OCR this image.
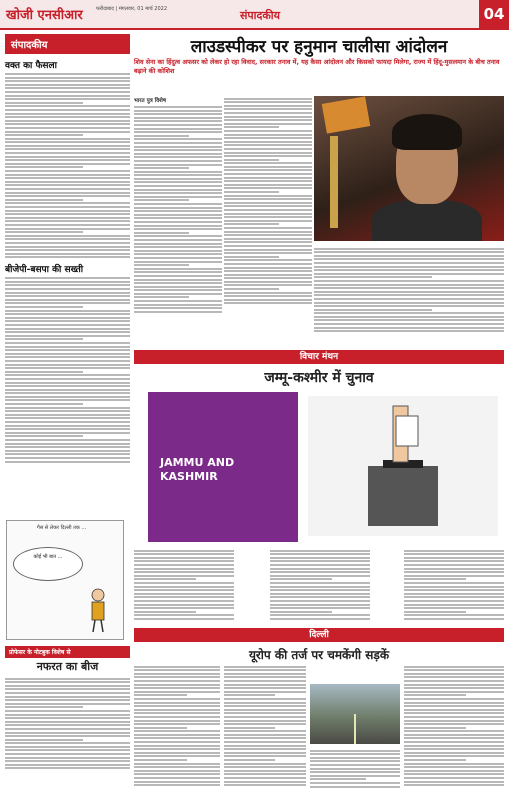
खोजी एनसीआर	फरीदाबाद | मंगलवार, 01 मार्च 2022	संपादकीय	04
संपादकीय
वक्त का फैसला
बीजेपी-बसपा की सख्ती
गैस से लेकर दिल्ली तक ...
कोई भी बात ...
प्रोफेसर के नोटबुक विशेष से
नफरत का बीज
लाउडस्पीकर पर हनुमान चालीसा आंदोलन
शिव सेना का हिंदुत्व अफसर को लेकर हो रहा विवाद, सरकार तनाव में, यह कैसा आंदोलन और किसको फायदा मिलेगा, राज्य में हिंदू-मुसलमान के बीच तनाव बढ़ाने की कोशिश
भारत पुत्र विशेष
विचार मंथन
जम्मू-कश्मीर में चुनाव
JAMMU AND
KASHMIR
दिल्ली
यूरोप की तर्ज पर चमकेंगी सड़कें
